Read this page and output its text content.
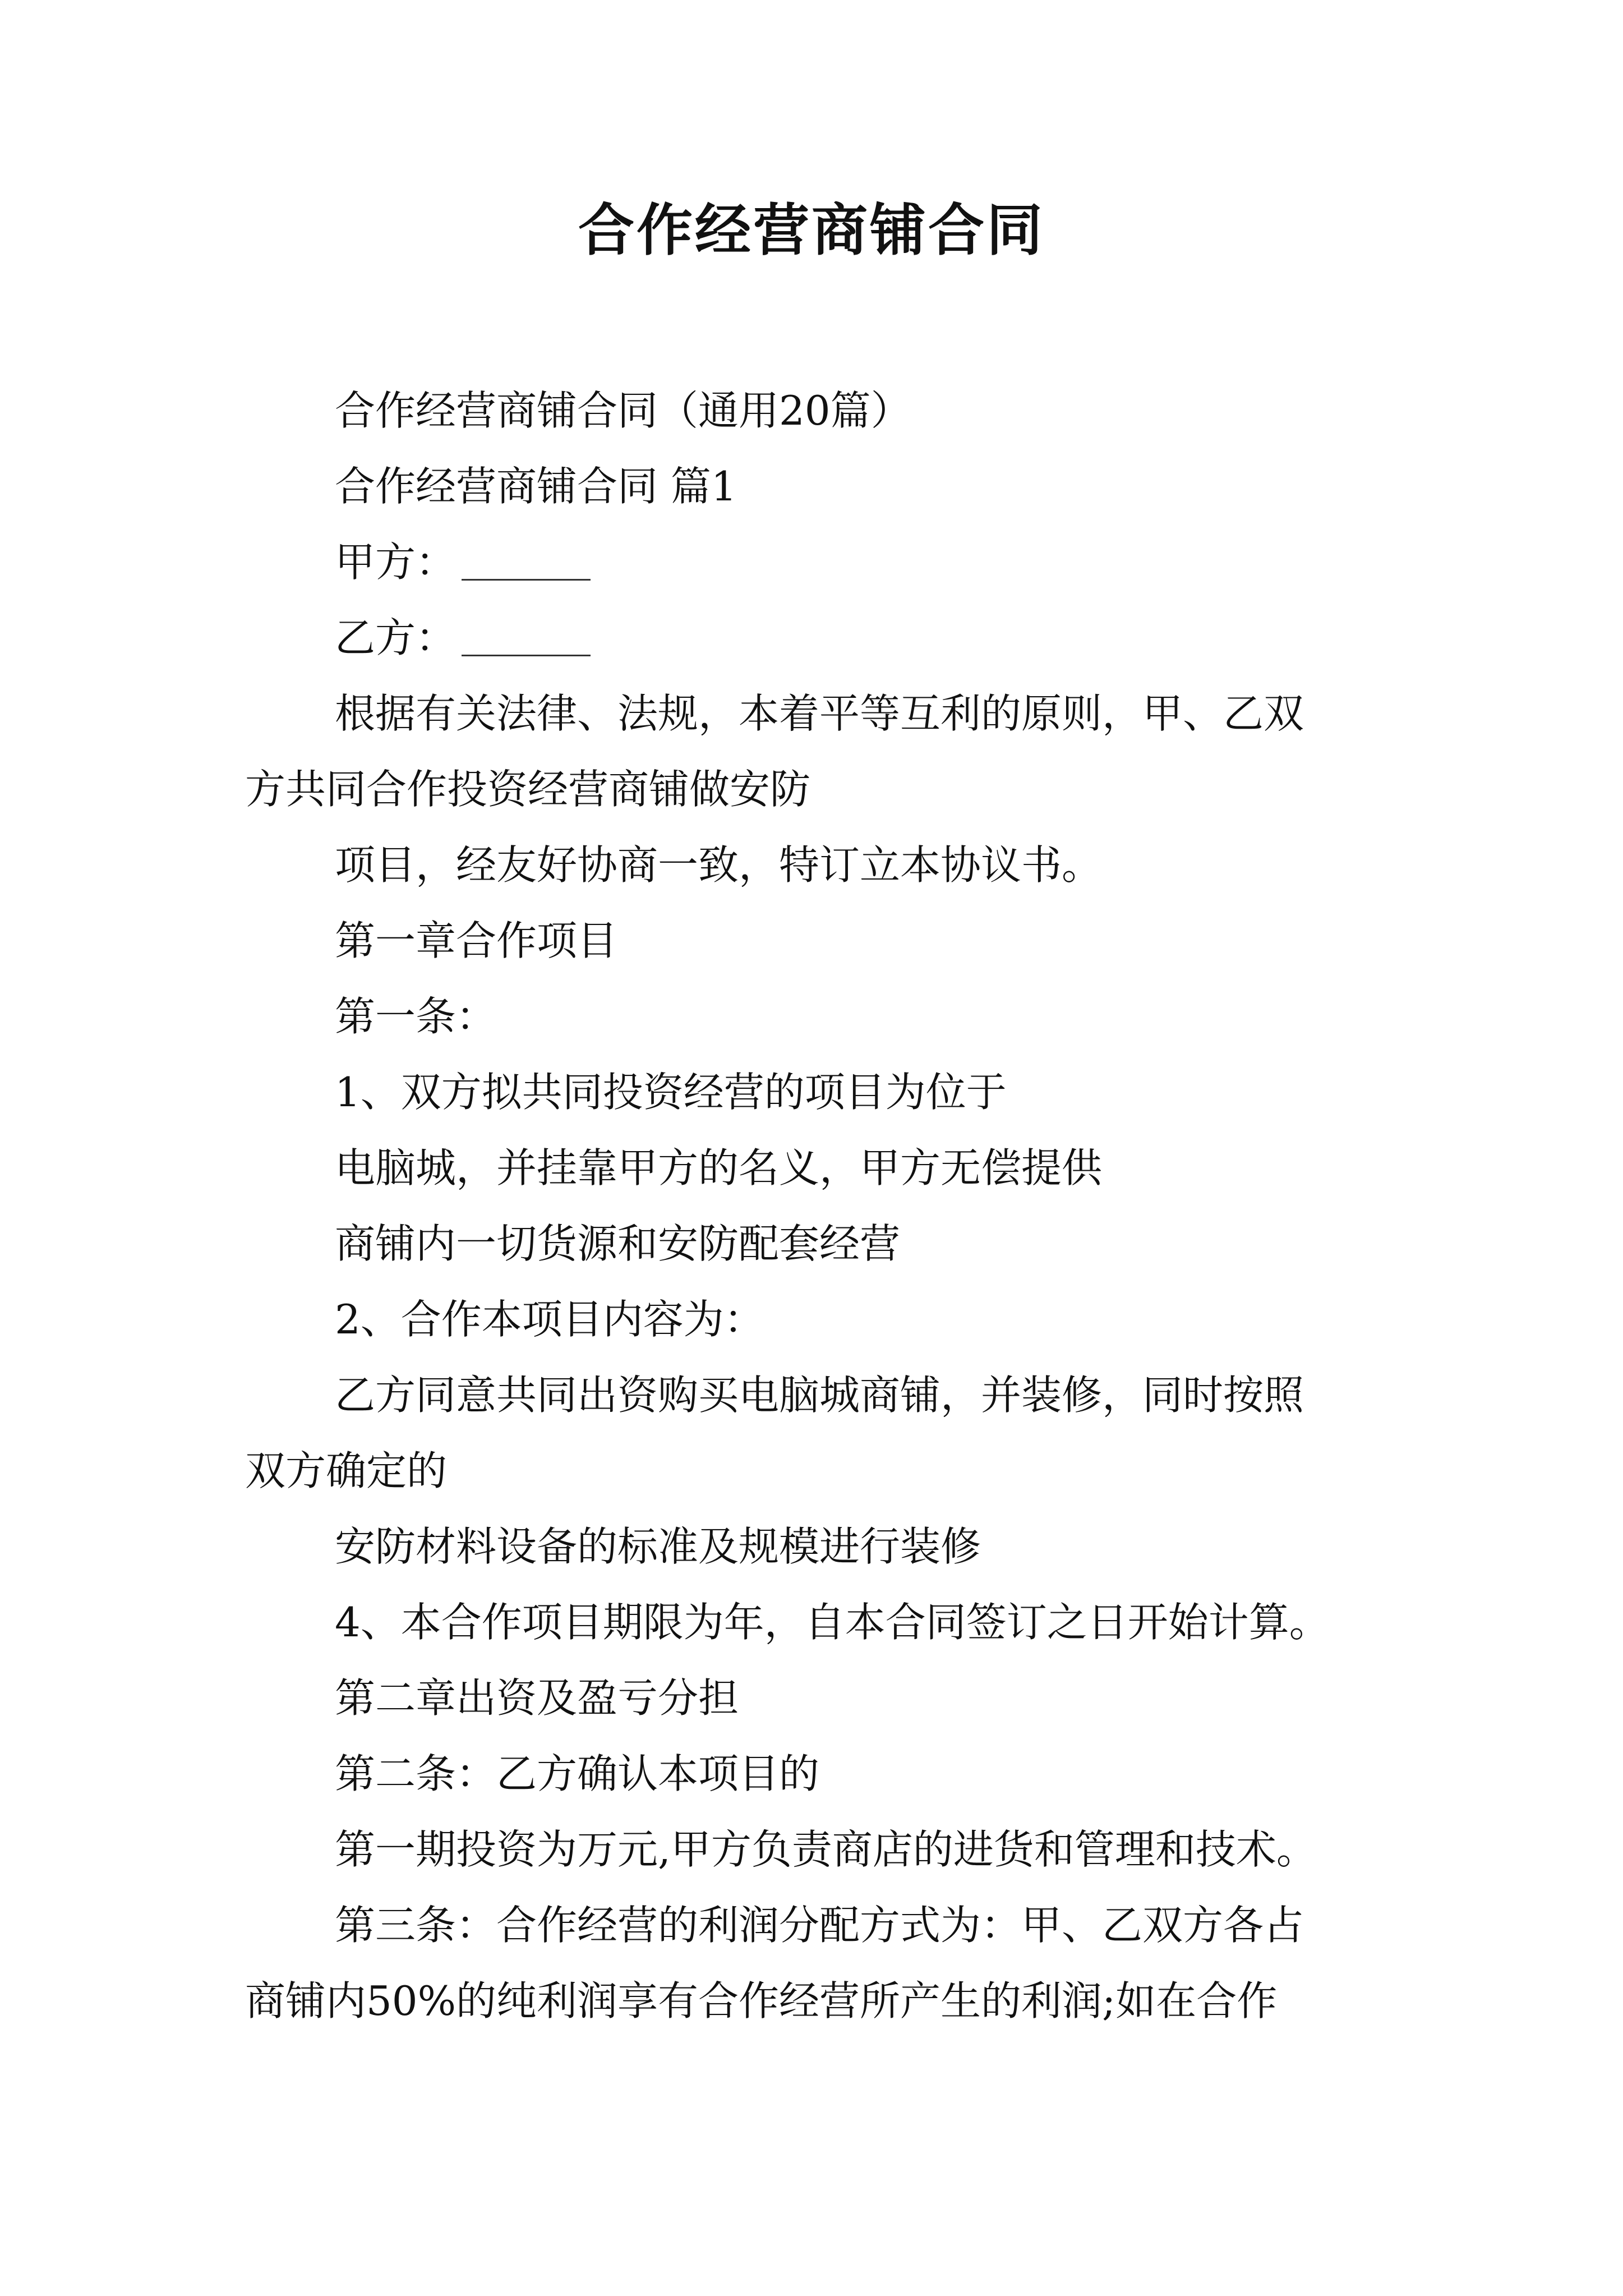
合作经营商铺合同

合作经营商铺合同（通用20篇）

合作经营商铺合同 篇1

甲方：

乙方：

根据有关法律、法规，本着平等互利的原则，甲、乙双

方共同合作投资经营商铺做安防

项目，经友好协商一致，特订立本协议书。

第一章合作项目

第一条：

1、双方拟共同投资经营的项目为位于

电脑城，并挂靠甲方的名义，甲方无偿提供

商铺内一切货源和安防配套经营

2、合作本项目内容为：

乙方同意共同出资购买电脑城商铺，并装修，同时按照

双方确定的

安防材料设备的标准及规模进行装修

4、本合作项目期限为年，自本合同签订之日开始计算。

第二章出资及盈亏分担

第二条：乙方确认本项目的

第一期投资为万元,甲方负责商店的进货和管理和技术。

第三条：合作经营的利润分配方式为：甲、乙双方各占

商铺内50%的纯利润享有合作经营所产生的利润;如在合作
